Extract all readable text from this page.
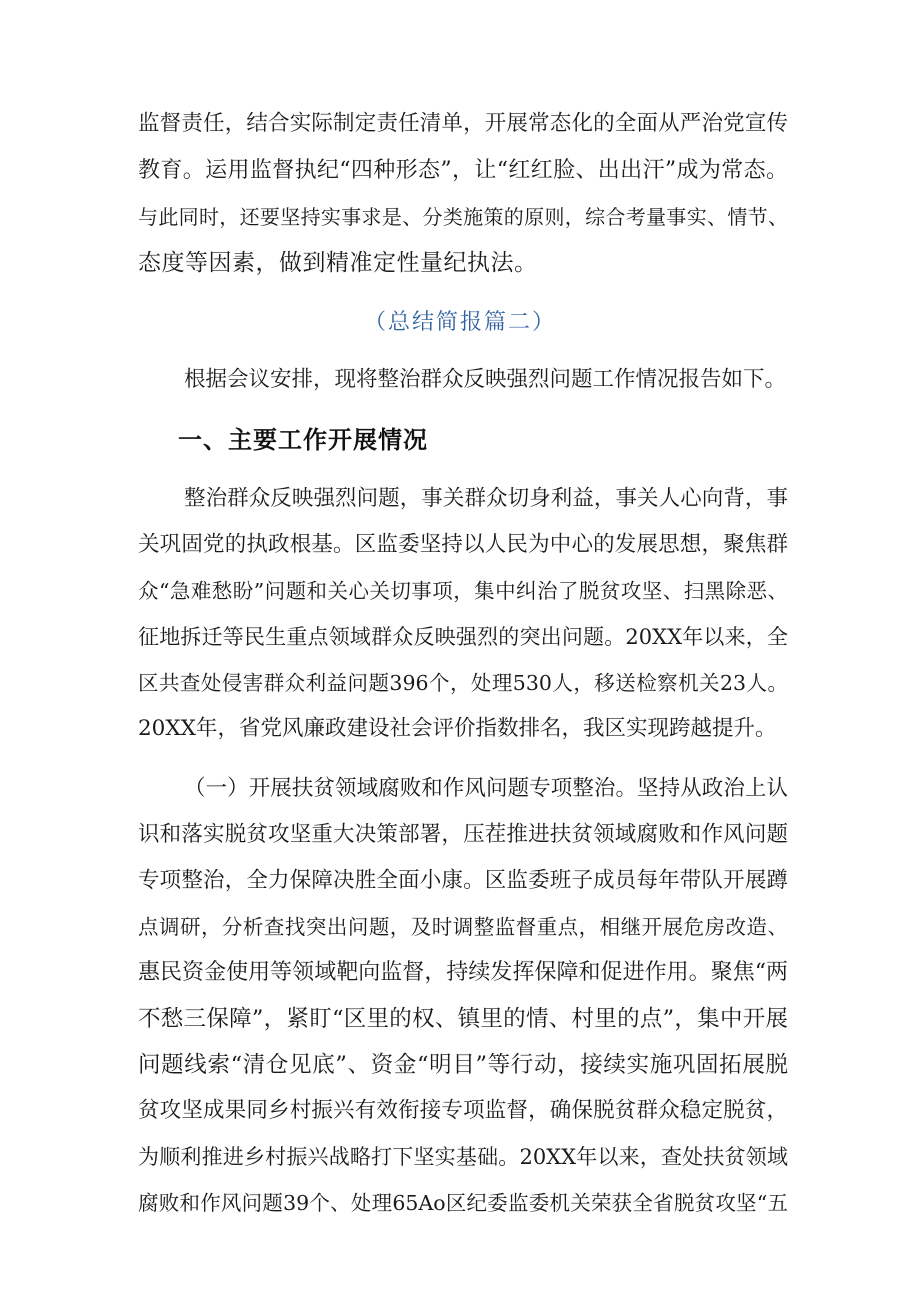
监督责任，结合实际制定责任清单，开展常态化的全面从严治党宣传
教育。运用监督执纪“四种形态”，让“红红脸、出出汗”成为常态。
与此同时，还要坚持实事求是、分类施策的原则，综合考量事实、情节、
态度等因素，做到精准定性量纪执法。
（总结简报篇二）
根据会议安排，现将整治群众反映强烈问题工作情况报告如下。
一、主要工作开展情况
整治群众反映强烈问题，事关群众切身利益，事关人心向背，事
关巩固党的执政根基。区监委坚持以人民为中心的发展思想，聚焦群
众“急难愁盼”问题和关心关切事项，集中纠治了脱贫攻坚、扫黑除恶、
征地拆迁等民生重点领域群众反映强烈的突出问题。20XX年以来，全
区共查处侵害群众利益问题396个，处理530人，移送检察机关23人。
20XX年，省党风廉政建设社会评价指数排名，我区实现跨越提升。
（一）开展扶贫领域腐败和作风问题专项整治。坚持从政治上认
识和落实脱贫攻坚重大决策部署，压茬推进扶贫领域腐败和作风问题
专项整治，全力保障决胜全面小康。区监委班子成员每年带队开展蹲
点调研，分析查找突出问题，及时调整监督重点，相继开展危房改造、
惠民资金使用等领域靶向监督，持续发挥保障和促进作用。聚焦“两
不愁三保障”，紧盯“区里的权、镇里的情、村里的点”，集中开展
问题线索“清仓见底”、资金“明目”等行动，接续实施巩固拓展脱
贫攻坚成果同乡村振兴有效衔接专项监督，确保脱贫群众稳定脱贫，
为顺利推进乡村振兴战略打下坚实基础。20XX年以来，查处扶贫领域
腐败和作风问题39个、处理65Ao区纪委监委机关荣获全省脱贫攻坚“五
